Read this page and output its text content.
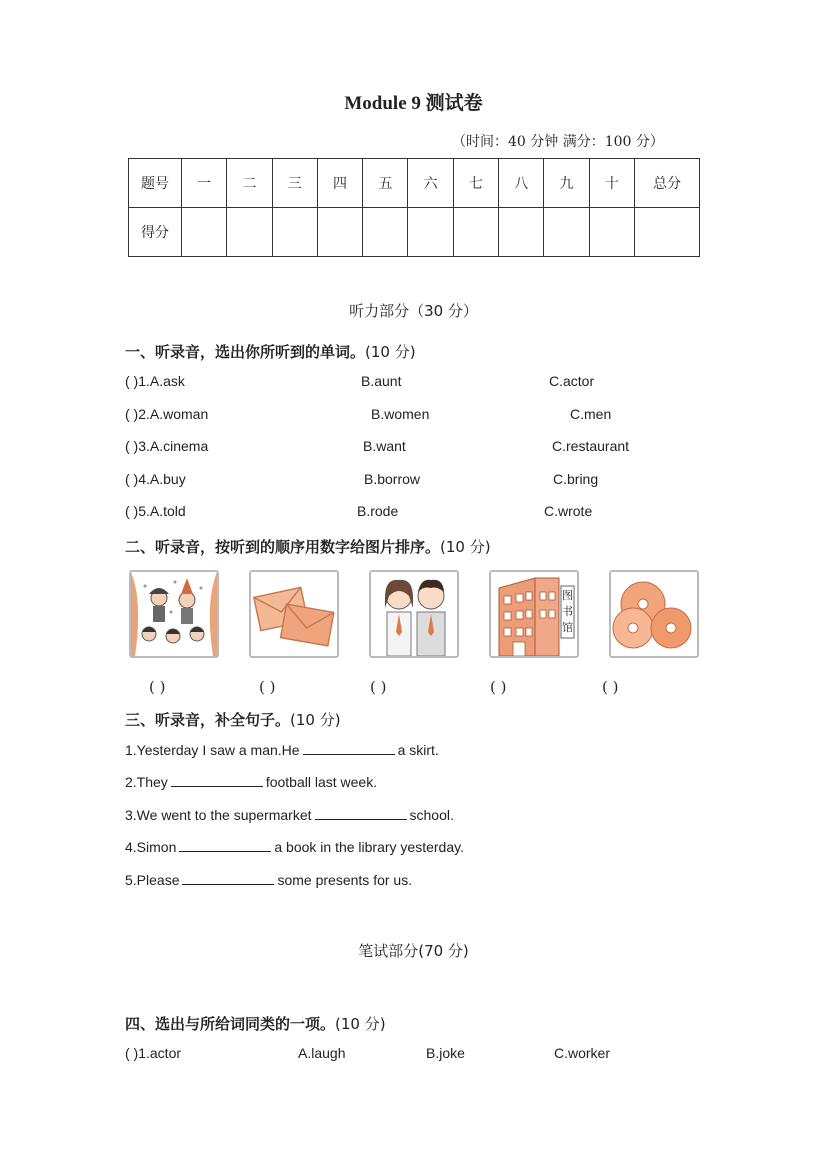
Module 9 测试卷
（时间：40 分钟 满分：100 分）
题号	一	二	三	四	五	六	七	八	九	十	总分
得分											
听力部分（30 分）
一、听录音，选出你所听到的单词。(10 分)
( )1.A.ask	B.aunt	C.actor
( )2.A.woman	B.women	C.men
( )3.A.cinema	B.want	C.restaurant
( )4.A.buy	B.borrow	C.bring
( )5.A.told	B.rode	C.wrote
二、听录音，按听到的顺序用数字给图片排序。(10 分)
图书馆
( )	( )	( )	( )	( )
三、听录音，补全句子。(10 分)
1.Yesterday I saw a man.He	a skirt.
2.They	football last week.
3.We went to the supermarket	school.
4.Simon	a book in the library yesterday.
5.Please	some presents for us.
笔试部分(70 分)
四、选出与所给词同类的一项。(10 分)
( )1.actor	A.laugh	B.joke	C.worker
